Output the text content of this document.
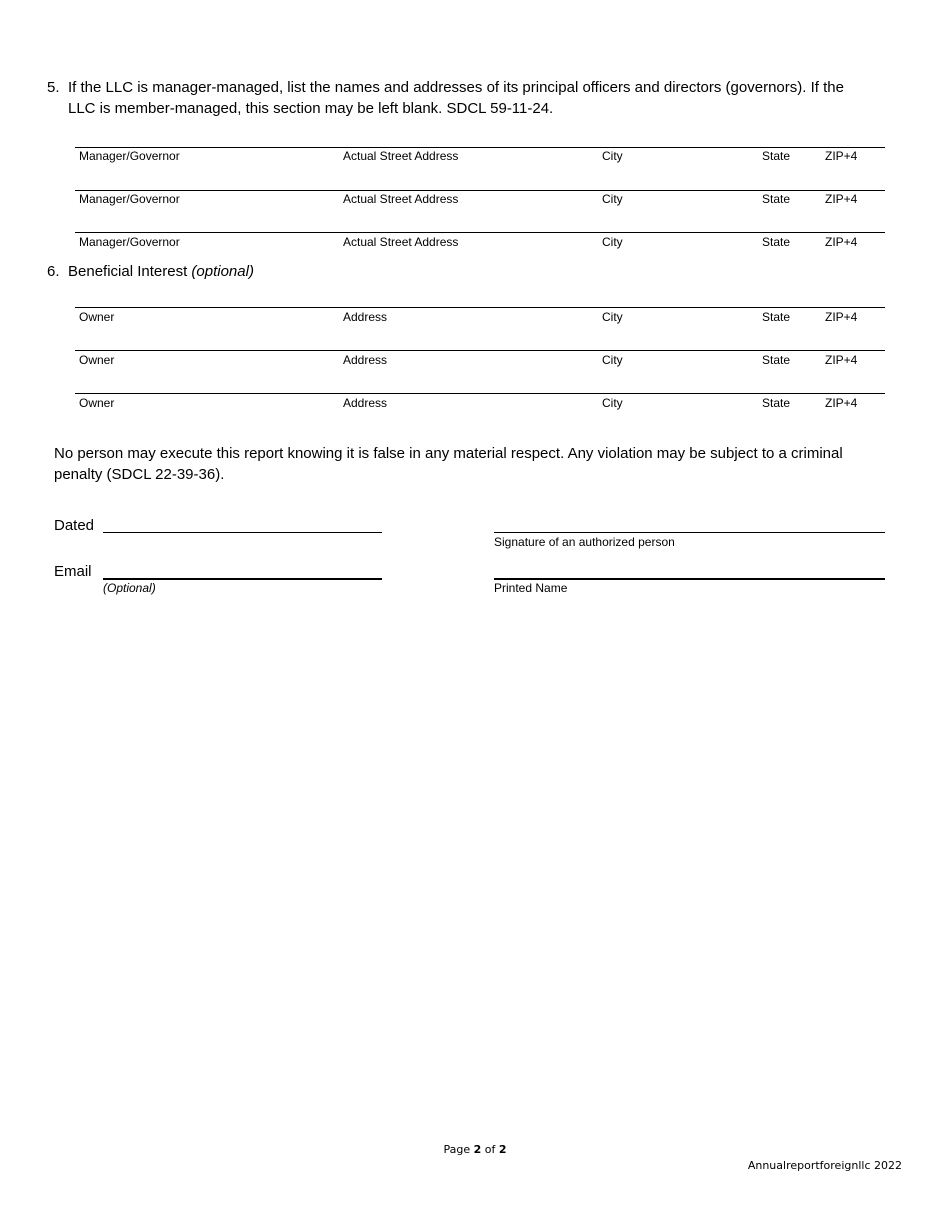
5. If the LLC is manager-managed, list the names and addresses of its principal officers and directors (governors). If the
LLC is member-managed, this section may be left blank. SDCL 59-11-24.
Manager/Governor	Actual Street Address	City	State	ZIP+4
Manager/Governor	Actual Street Address	City	State	ZIP+4
Manager/Governor	Actual Street Address	City	State	ZIP+4
6. Beneficial Interest (optional)
Owner	Address	City	State	ZIP+4
Owner	Address	City	State	ZIP+4
Owner	Address	City	State	ZIP+4
No person may execute this report knowing it is false in any material respect. Any violation may be subject to a criminal
penalty (SDCL 22-39-36).
Dated
Signature of an authorized person
Email
(Optional)	Printed Name
Page 2 of 2
Annualreportforeignllc 2022
